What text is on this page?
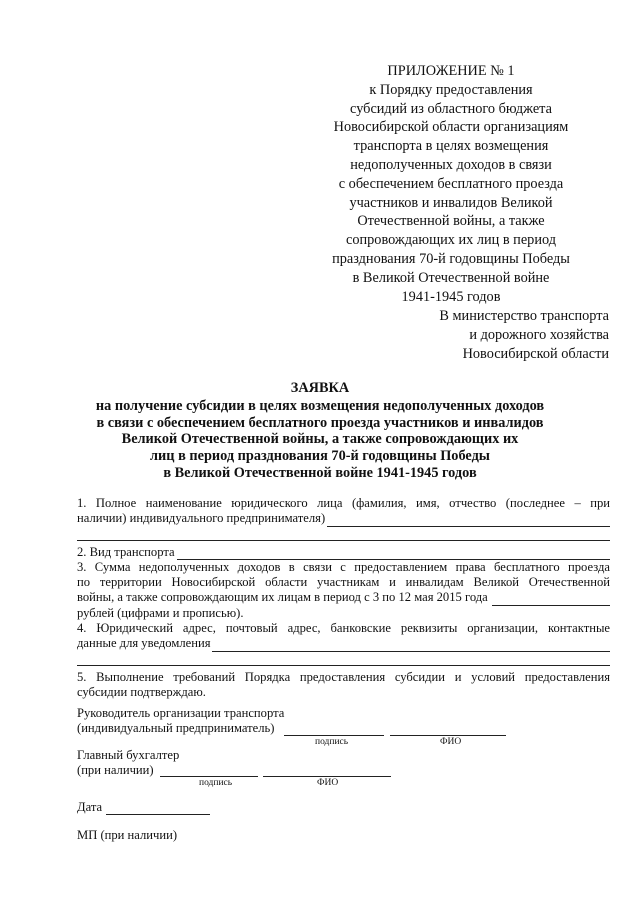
ПРИЛОЖЕНИЕ № 1
к Порядку предоставления
субсидий из областного бюджета
Новосибирской области организациям
транспорта в целях возмещения
недополученных доходов в связи
с обеспечением бесплатного проезда
участников и инвалидов Великой
Отечественной войны, а также
сопровождающих их лиц в период
празднования 70-й годовщины Победы
в Великой Отечественной войне
1941-1945 годов
В министерство транспорта
и дорожного хозяйства
Новосибирской области
ЗАЯВКА
на получение субсидии в целях возмещения недополученных доходов
в связи с обеспечением бесплатного проезда участников и инвалидов
Великой Отечественной войны, а также сопровождающих их
лиц в период празднования 70-й годовщины Победы
в Великой Отечественной войне 1941-1945 годов
1. Полное наименование юридического лица (фамилия, имя, отчество (последнее – при
наличии) индивидуального предпринимателя)
2. Вид транспорта
3. Сумма недополученных доходов в связи с предоставлением права бесплатного проезда
по территории Новосибирской области участникам и инвалидам Великой Отечественной
войны, а также сопровождающим их лицам в период с 3 по 12 мая 2015 года
рублей (цифрами и прописью).
4. Юридический адрес, почтовый адрес, банковские реквизиты организации, контактные
данные для уведомления
5. Выполнение требований Порядка предоставления субсидии и условий предоставления
субсидии подтверждаю.
Руководитель организации транспорта
(индивидуальный предприниматель)
подпись	ФИО
Главный бухгалтер
(при наличии)
подпись	ФИО
Дата
МП (при наличии)
